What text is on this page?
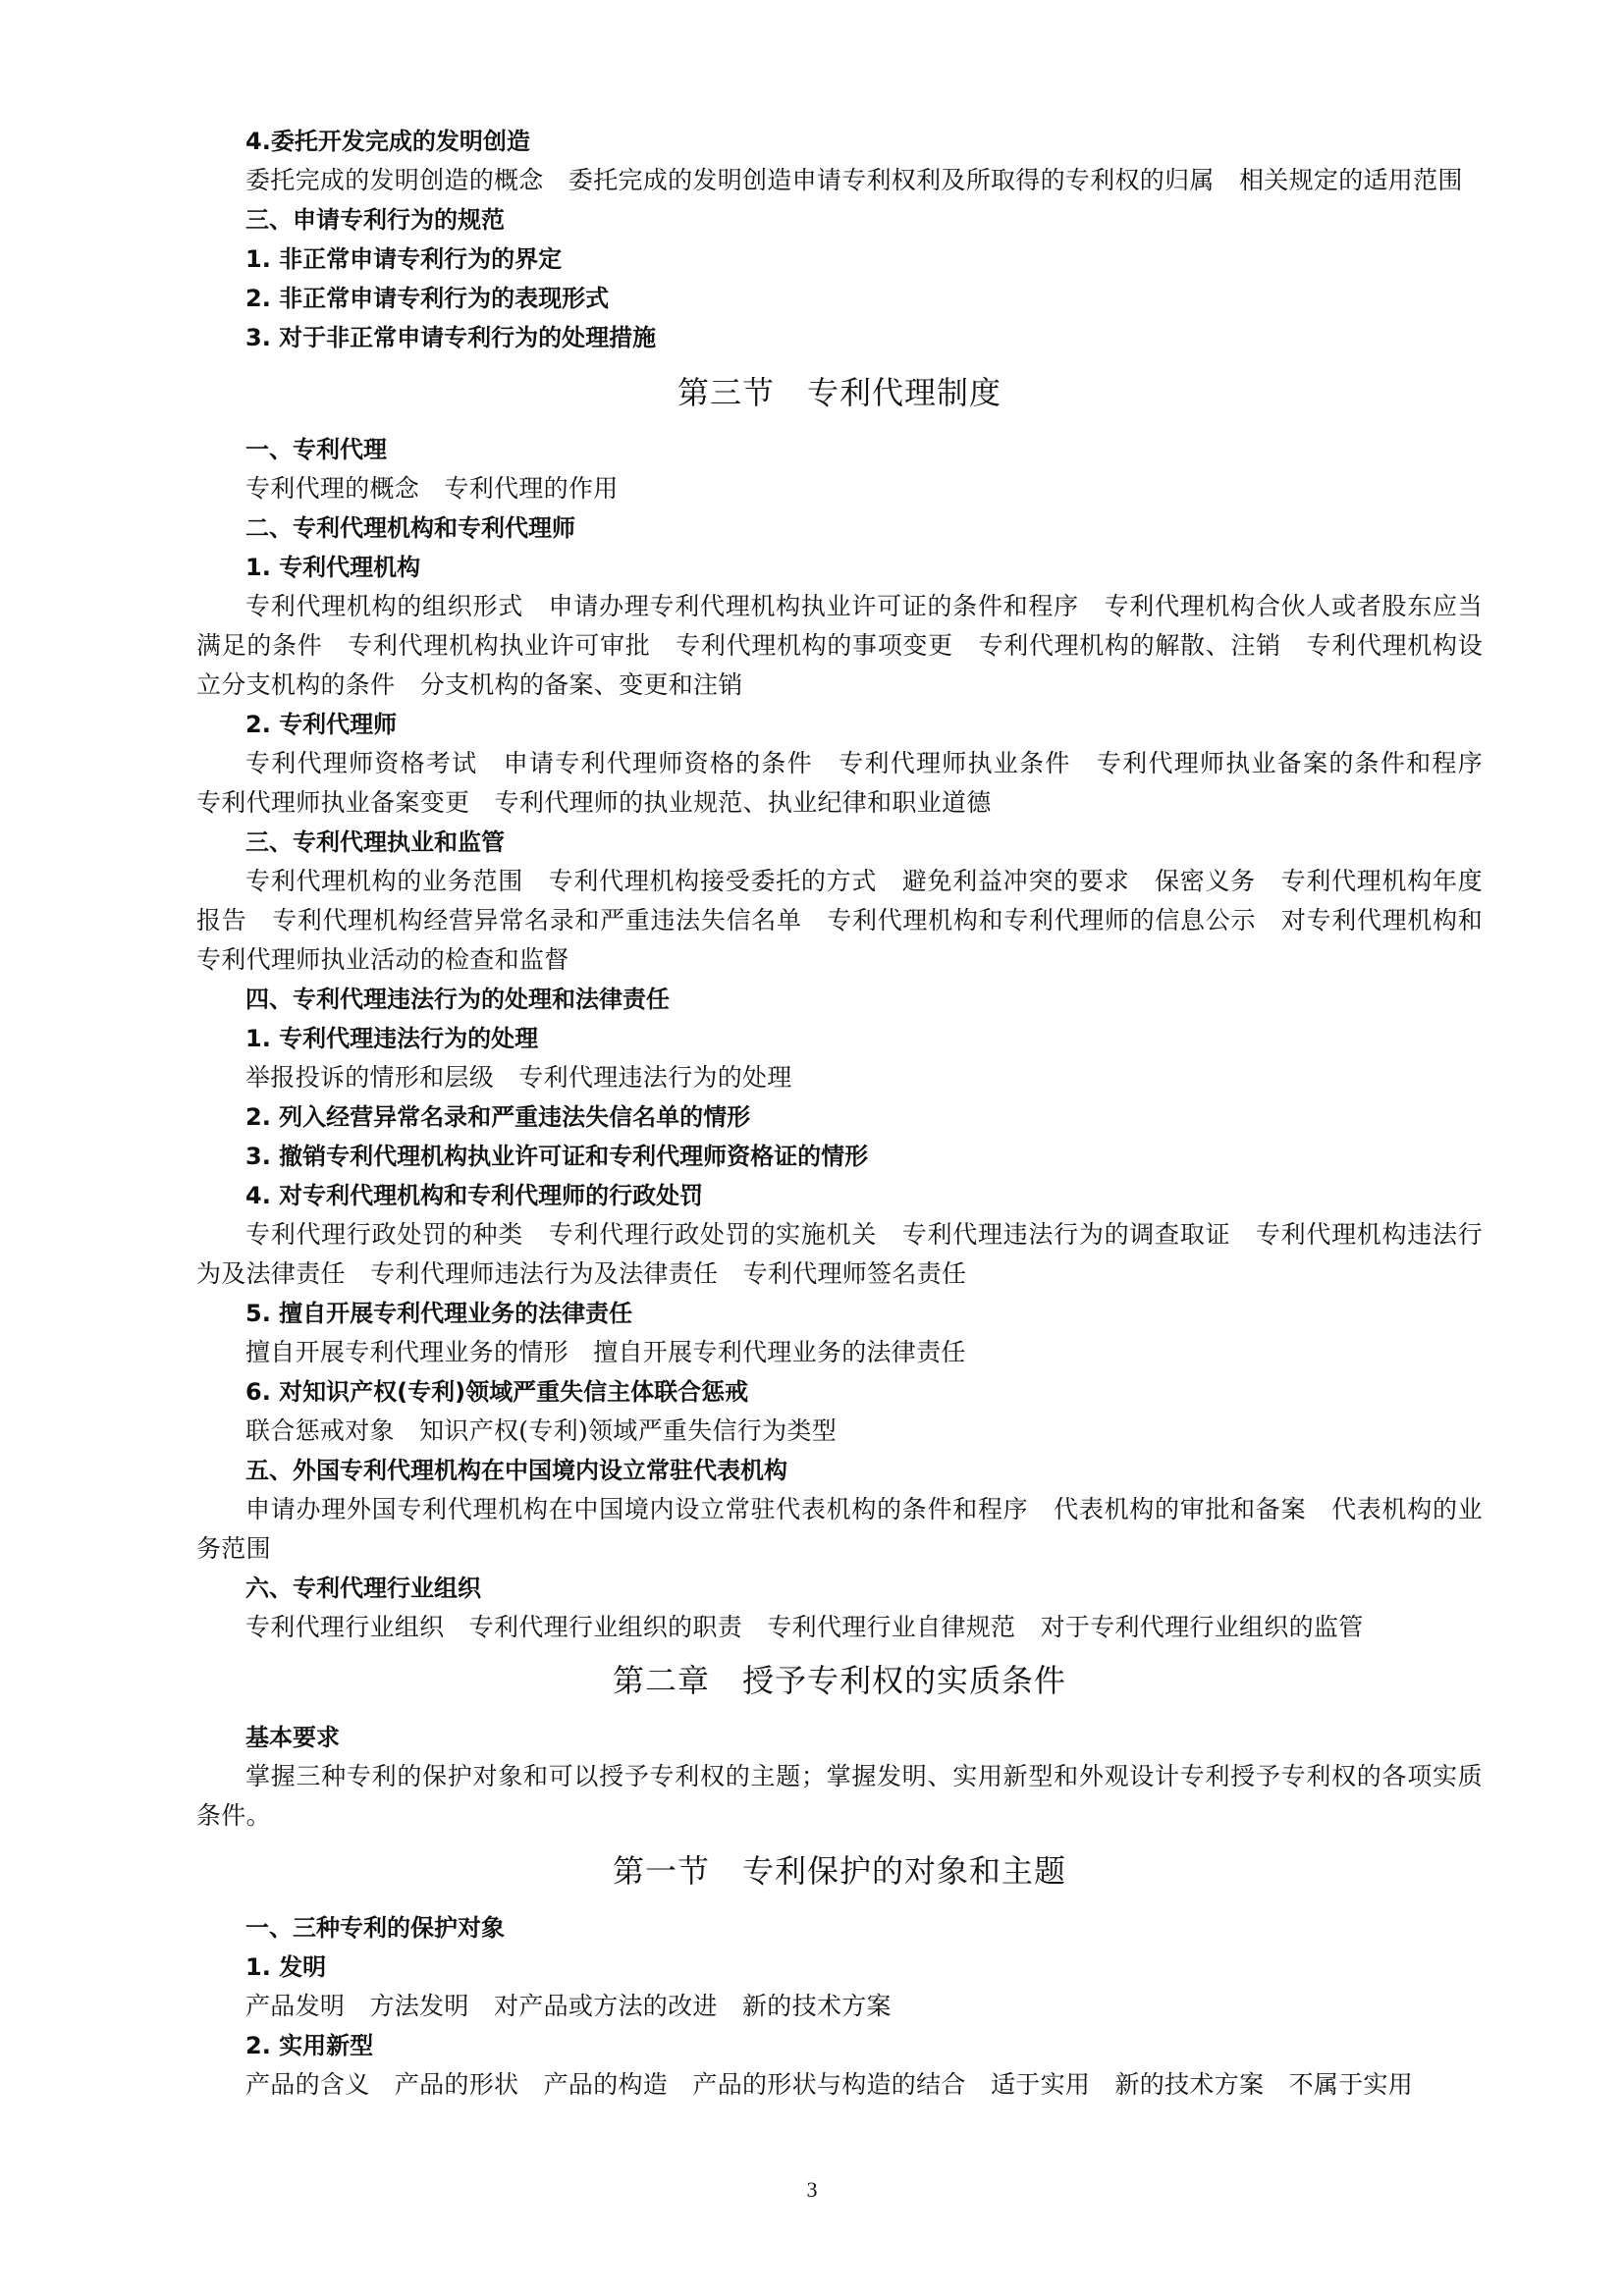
4.委托开发完成的发明创造

委托完成的发明创造的概念　委托完成的发明创造申请专利权利及所取得的专利权的归属　相关规定的适用范围

三、申请专利行为的规范

1. 非正常申请专利行为的界定

2. 非正常申请专利行为的表现形式

3. 对于非正常申请专利行为的处理措施

第三节　专利代理制度

一、专利代理

专利代理的概念　专利代理的作用

二、专利代理机构和专利代理师

1. 专利代理机构

专利代理机构的组织形式　申请办理专利代理机构执业许可证的条件和程序　专利代理机构合伙人或者股东应当满足的条件　专利代理机构执业许可审批　专利代理机构的事项变更　专利代理机构的解散、注销　专利代理机构设立分支机构的条件　分支机构的备案、变更和注销

2. 专利代理师

专利代理师资格考试　申请专利代理师资格的条件　专利代理师执业条件　专利代理师执业备案的条件和程序　专利代理师执业备案变更　专利代理师的执业规范、执业纪律和职业道德

三、专利代理执业和监管

专利代理机构的业务范围　专利代理机构接受委托的方式　避免利益冲突的要求　保密义务　专利代理机构年度报告　专利代理机构经营异常名录和严重违法失信名单　专利代理机构和专利代理师的信息公示　对专利代理机构和专利代理师执业活动的检查和监督

四、专利代理违法行为的处理和法律责任

1. 专利代理违法行为的处理

举报投诉的情形和层级　专利代理违法行为的处理

2. 列入经营异常名录和严重违法失信名单的情形

3. 撤销专利代理机构执业许可证和专利代理师资格证的情形

4. 对专利代理机构和专利代理师的行政处罚

专利代理行政处罚的种类　专利代理行政处罚的实施机关　专利代理违法行为的调查取证　专利代理机构违法行为及法律责任　专利代理师违法行为及法律责任　专利代理师签名责任

5. 擅自开展专利代理业务的法律责任

擅自开展专利代理业务的情形　擅自开展专利代理业务的法律责任

6. 对知识产权(专利)领域严重失信主体联合惩戒

联合惩戒对象　知识产权(专利)领域严重失信行为类型

五、外国专利代理机构在中国境内设立常驻代表机构

申请办理外国专利代理机构在中国境内设立常驻代表机构的条件和程序　代表机构的审批和备案　代表机构的业务范围

六、专利代理行业组织

专利代理行业组织　专利代理行业组织的职责　专利代理行业自律规范　对于专利代理行业组织的监管

第二章　授予专利权的实质条件

基本要求

掌握三种专利的保护对象和可以授予专利权的主题；掌握发明、实用新型和外观设计专利授予专利权的各项实质条件。

第一节　专利保护的对象和主题

一、三种专利的保护对象

1. 发明

产品发明　方法发明　对产品或方法的改进　新的技术方案

2. 实用新型

产品的含义　产品的形状　产品的构造　产品的形状与构造的结合　适于实用　新的技术方案　不属于实用

3
